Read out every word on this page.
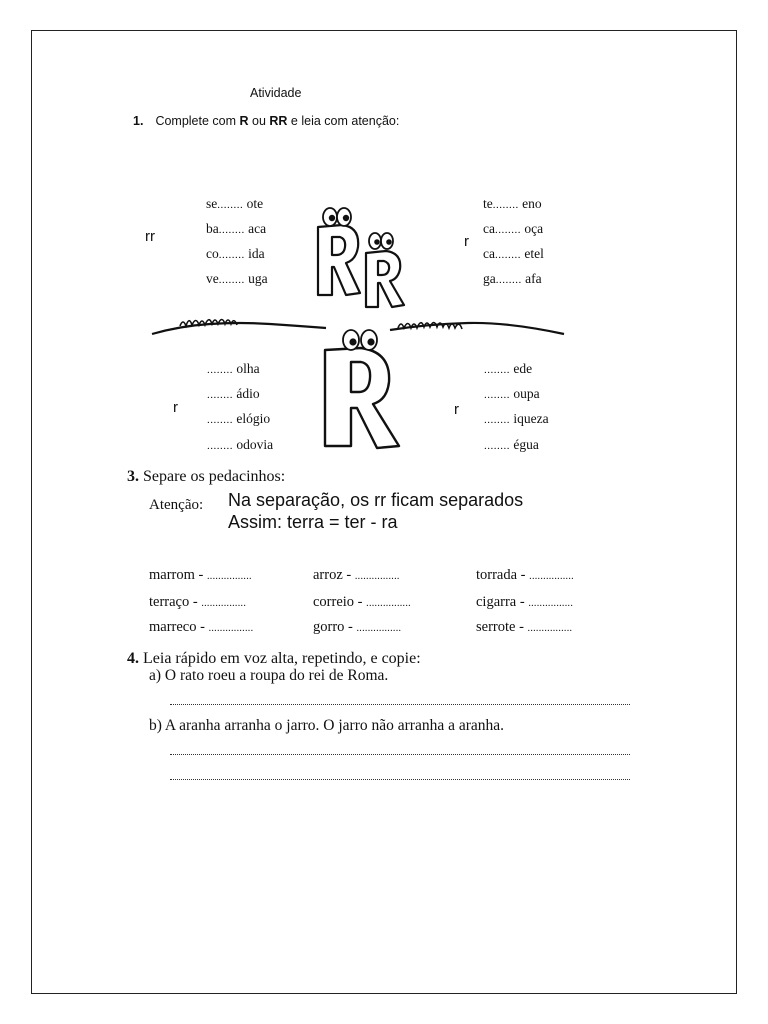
Atividade
1. Complete com R ou RR e leia com atenção:
rr	r
r	r
se........ ote
ba........ aca
co........ ida
ve........ uga
te........ eno
ca........ oça
ca........ etel
ga........ afa
........ olha
........ ádio
........ elógio
........ odovia
........ ede
........ oupa
........ iqueza
........ égua
3. Separe os pedacinhos:
Atenção: Na separação, os rr ficam separados
Assim: terra = ter - ra
marrom - ................	arroz - ................	torrada - ................
terraço - ................	correio - ................	cigarra - ................
marreco - ................	gorro - ................	serrote - ................
4. Leia rápido em voz alta, repetindo, e copie:
a) O rato roeu a roupa do rei de Roma.
b) A aranha arranha o jarro. O jarro não arranha a aranha.
